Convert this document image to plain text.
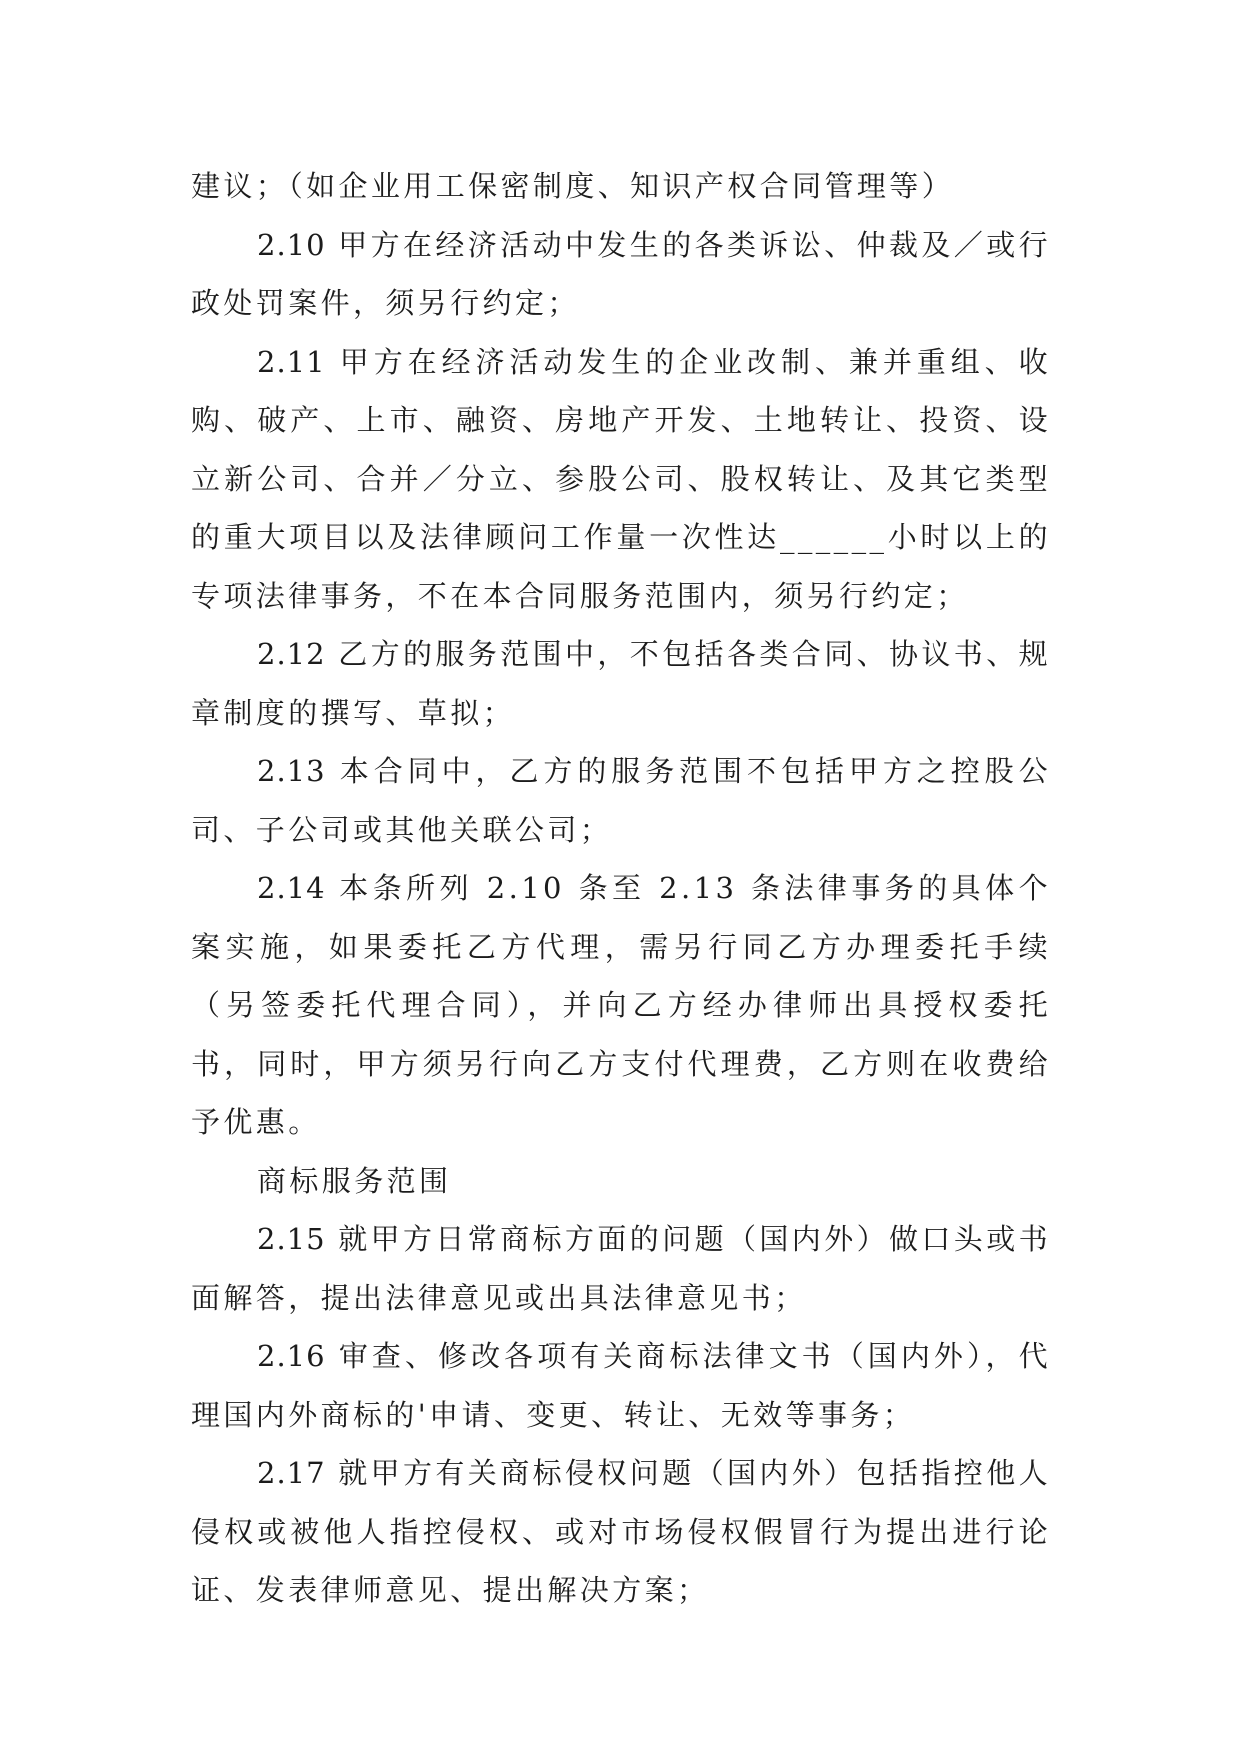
建议；（如企业用工保密制度、知识产权合同管理等）

2.10 甲方在经济活动中发生的各类诉讼、仲裁及／或行政处罚案件，须另行约定；

2.11 甲方在经济活动发生的企业改制、兼并重组、收购、破产、上市、融资、房地产开发、土地转让、投资、设立新公司、合并／分立、参股公司、股权转让、及其它类型的重大项目以及法律顾问工作量一次性达______小时以上的专项法律事务，不在本合同服务范围内，须另行约定；

2.12 乙方的服务范围中，不包括各类合同、协议书、规章制度的撰写、草拟；

2.13 本合同中，乙方的服务范围不包括甲方之控股公司、子公司或其他关联公司；

2.14 本条所列 2.10 条至 2.13 条法律事务的具体个案实施，如果委托乙方代理，需另行同乙方办理委托手续（另签委托代理合同），并向乙方经办律师出具授权委托书，同时，甲方须另行向乙方支付代理费，乙方则在收费给予优惠。

商标服务范围

2.15 就甲方日常商标方面的问题（国内外）做口头或书面解答，提出法律意见或出具法律意见书；

2.16 审查、修改各项有关商标法律文书（国内外），代理国内外商标的'申请、变更、转让、无效等事务；

2.17 就甲方有关商标侵权问题（国内外）包括指控他人侵权或被他人指控侵权、或对市场侵权假冒行为提出进行论证、发表律师意见、提出解决方案；
